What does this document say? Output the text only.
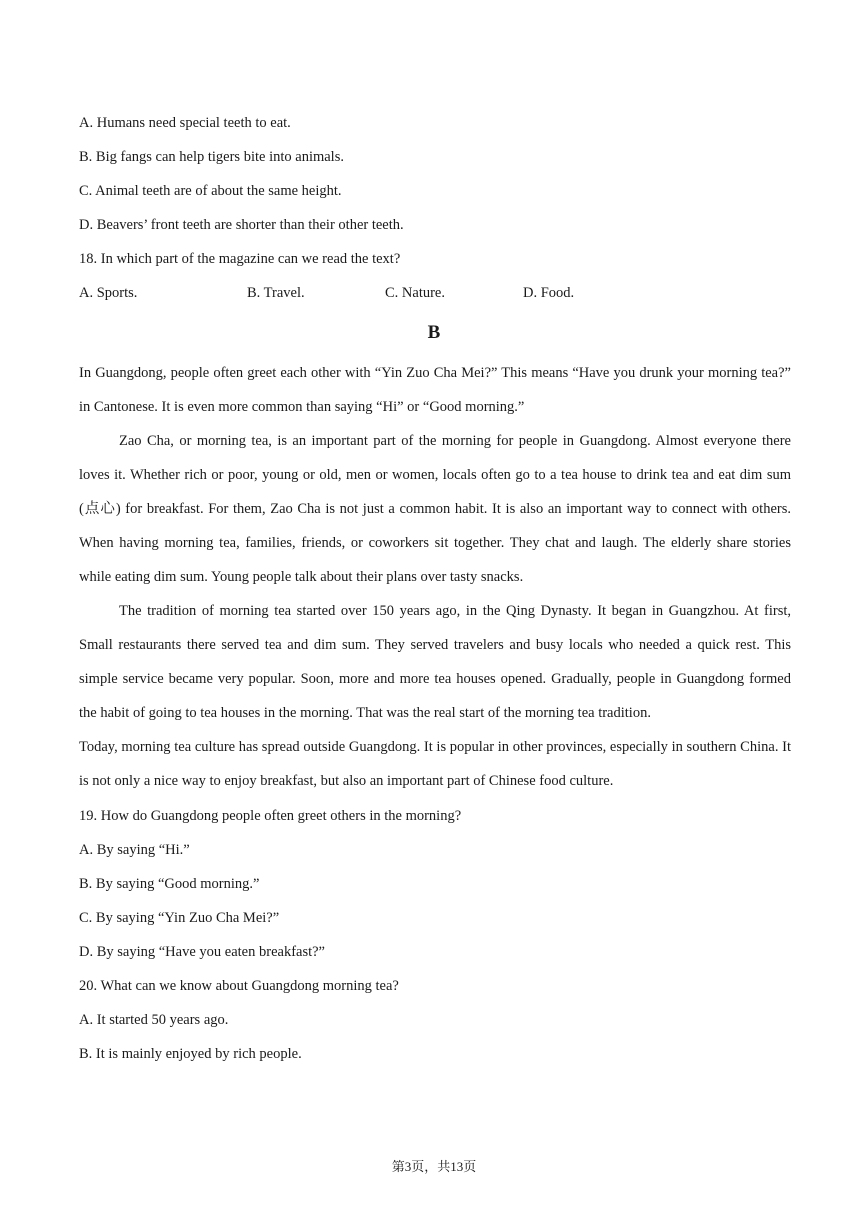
A. Humans need special teeth to eat.
B. Big fangs can help tigers bite into animals.
C. Animal teeth are of about the same height.
D. Beavers’ front teeth are shorter than their other teeth.
18. In which part of the magazine can we read the text?
A. Sports.	B. Travel.	C. Nature.	D. Food.
B
In Guangdong, people often greet each other with “Yin Zuo Cha Mei?” This means “Have you drunk your morning tea?” in Cantonese. It is even more common than saying “Hi” or “Good morning.”
Zao Cha, or morning tea, is an important part of the morning for people in Guangdong. Almost everyone there loves it. Whether rich or poor, young or old, men or women, locals often go to a tea house to drink tea and eat dim sum (点心) for breakfast. For them, Zao Cha is not just a common habit. It is also an important way to connect with others. When having morning tea, families, friends, or coworkers sit together. They chat and laugh. The elderly share stories while eating dim sum. Young people talk about their plans over tasty snacks.
The tradition of morning tea started over 150 years ago, in the Qing Dynasty. It began in Guangzhou. At first, Small restaurants there served tea and dim sum. They served travelers and busy locals who needed a quick rest. This simple service became very popular. Soon, more and more tea houses opened. Gradually, people in Guangdong formed the habit of going to tea houses in the morning. That was the real start of the morning tea tradition.
Today, morning tea culture has spread outside Guangdong. It is popular in other provinces, especially in southern China. It is not only a nice way to enjoy breakfast, but also an important part of Chinese food culture.
19. How do Guangdong people often greet others in the morning?
A. By saying “Hi.”
B. By saying “Good morning.”
C. By saying “Yin Zuo Cha Mei?”
D. By saying “Have you eaten breakfast?”
20. What can we know about Guangdong morning tea?
A. It started 50 years ago.
B. It is mainly enjoyed by rich people.
第3页，共13页
